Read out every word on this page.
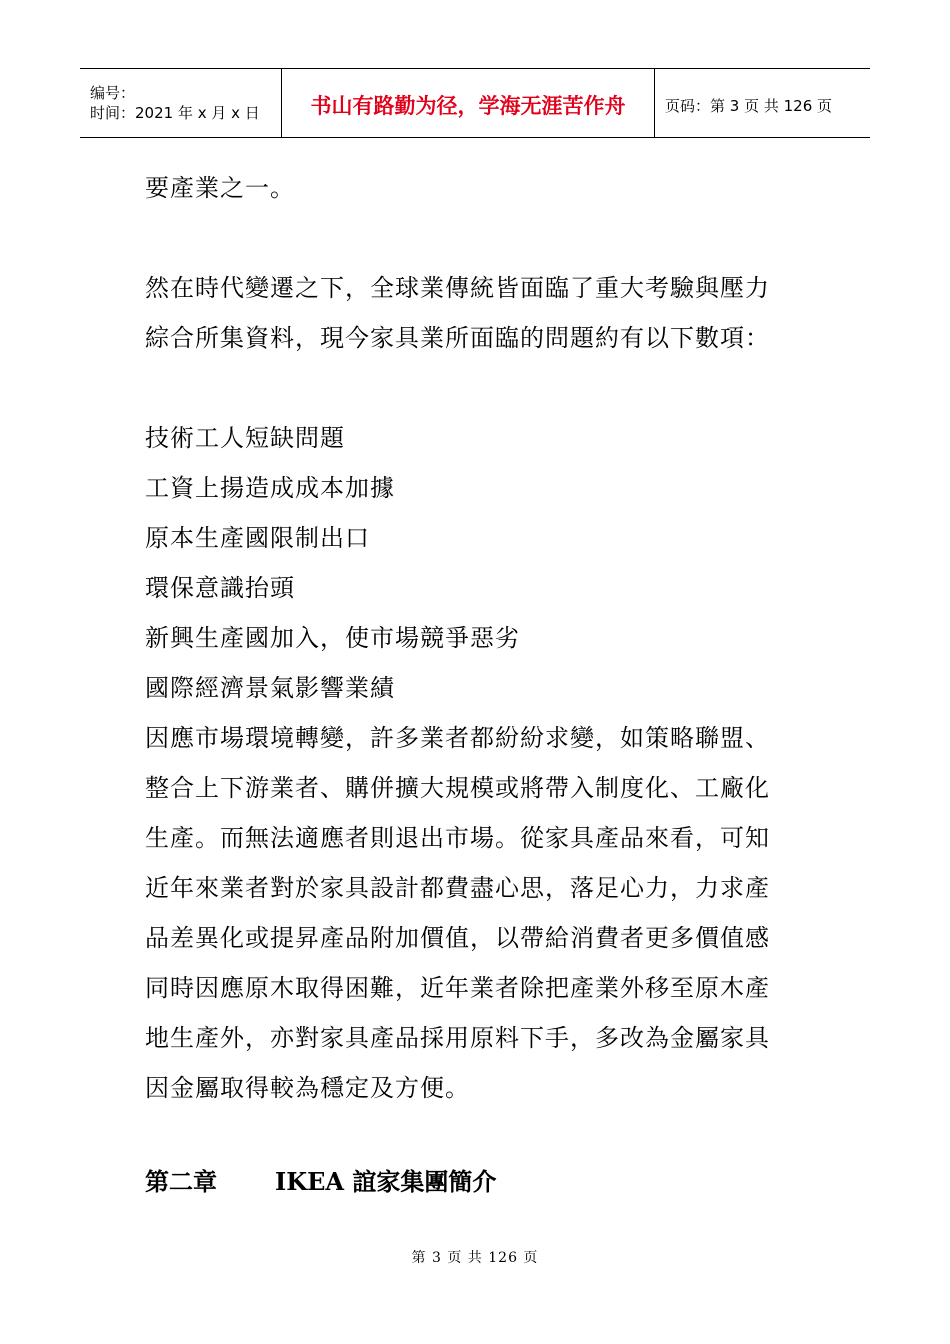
编号：
时间：2021 年 x 月 x 日	书山有路勤为径，学海无涯苦作舟	页码：第 3 页 共 126 页
要產業之一。
然在時代變遷之下，全球業傳統皆面臨了重大考驗與壓力
綜合所集資料，現今家具業所面臨的問題約有以下數項：
技術工人短缺問題
工資上揚造成成本加據
原本生產國限制出口
環保意識抬頭
新興生產國加入，使市場競爭惡劣
國際經濟景氣影響業績
因應市場環境轉變，許多業者都紛紛求變，如策略聯盟、
整合上下游業者、購併擴大規模或將帶入制度化、工廠化
生產。而無法適應者則退出市場。從家具產品來看，可知
近年來業者對於家具設計都費盡心思，落足心力，力求產
品差異化或提昇產品附加價值，以帶給消費者更多價值感
同時因應原木取得困難，近年業者除把產業外移至原木產
地生產外，亦對家具產品採用原料下手，多改為金屬家具
因金屬取得較為穩定及方便。
第二章 IKEA 誼家集團簡介
第 3 页 共 126 页
